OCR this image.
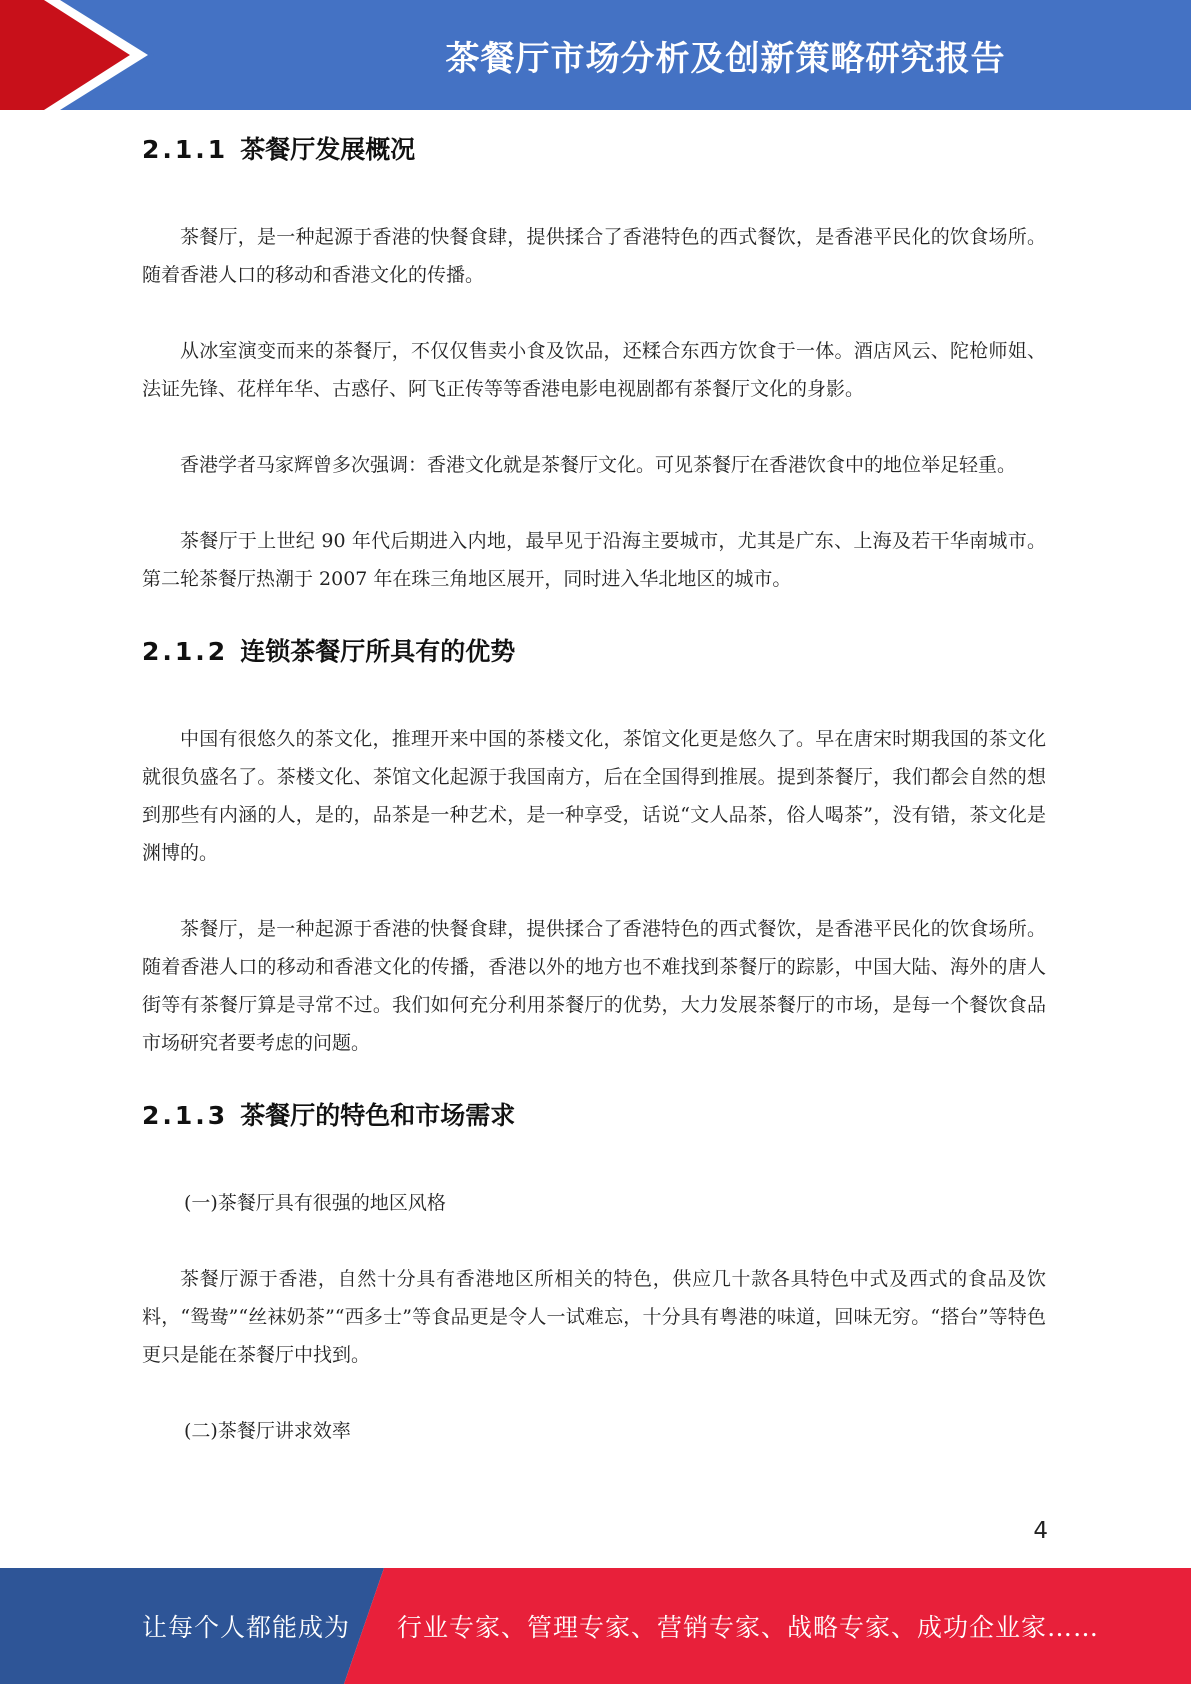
茶餐厅市场分析及创新策略研究报告
2.1.1 茶餐厅发展概况

茶餐厅，是一种起源于香港的快餐食肆，提供揉合了香港特色的西式餐饮，是香港平民化的饮食场所。随着香港人口的移动和香港文化的传播。

从冰室演变而来的茶餐厅，不仅仅售卖小食及饮品，还糅合东西方饮食于一体。酒店风云、陀枪师姐、法证先锋、花样年华、古惑仔、阿飞正传等等香港电影电视剧都有茶餐厅文化的身影。

香港学者马家辉曾多次强调：香港文化就是茶餐厅文化。可见茶餐厅在香港饮食中的地位举足轻重。

茶餐厅于上世纪 90 年代后期进入内地，最早见于沿海主要城市，尤其是广东、上海及若干华南城市。第二轮茶餐厅热潮于 2007 年在珠三角地区展开，同时进入华北地区的城市。

2.1.2 连锁茶餐厅所具有的优势

中国有很悠久的茶文化，推理开来中国的茶楼文化，茶馆文化更是悠久了。早在唐宋时期我国的茶文化就很负盛名了。茶楼文化、茶馆文化起源于我国南方，后在全国得到推展。提到茶餐厅，我们都会自然的想到那些有内涵的人，是的，品茶是一种艺术，是一种享受，话说“文人品茶，俗人喝茶”，没有错，茶文化是渊博的。

茶餐厅，是一种起源于香港的快餐食肆，提供揉合了香港特色的西式餐饮，是香港平民化的饮食场所。随着香港人口的移动和香港文化的传播，香港以外的地方也不难找到茶餐厅的踪影，中国大陆、海外的唐人街等有茶餐厅算是寻常不过。我们如何充分利用茶餐厅的优势，大力发展茶餐厅的市场，是每一个餐饮食品市场研究者要考虑的问题。

2.1.3 茶餐厅的特色和市场需求

(一)茶餐厅具有很强的地区风格

茶餐厅源于香港，自然十分具有香港地区所相关的特色，供应几十款各具特色中式及西式的食品及饮料，“鸳鸯”“丝袜奶茶”“西多士”等食品更是令人一试难忘，十分具有粤港的味道，回味无穷。“搭台”等特色更只是能在茶餐厅中找到。

(二)茶餐厅讲求效率

4
让每个人都能成为 行业专家、管理专家、营销专家、战略专家、成功企业家……
